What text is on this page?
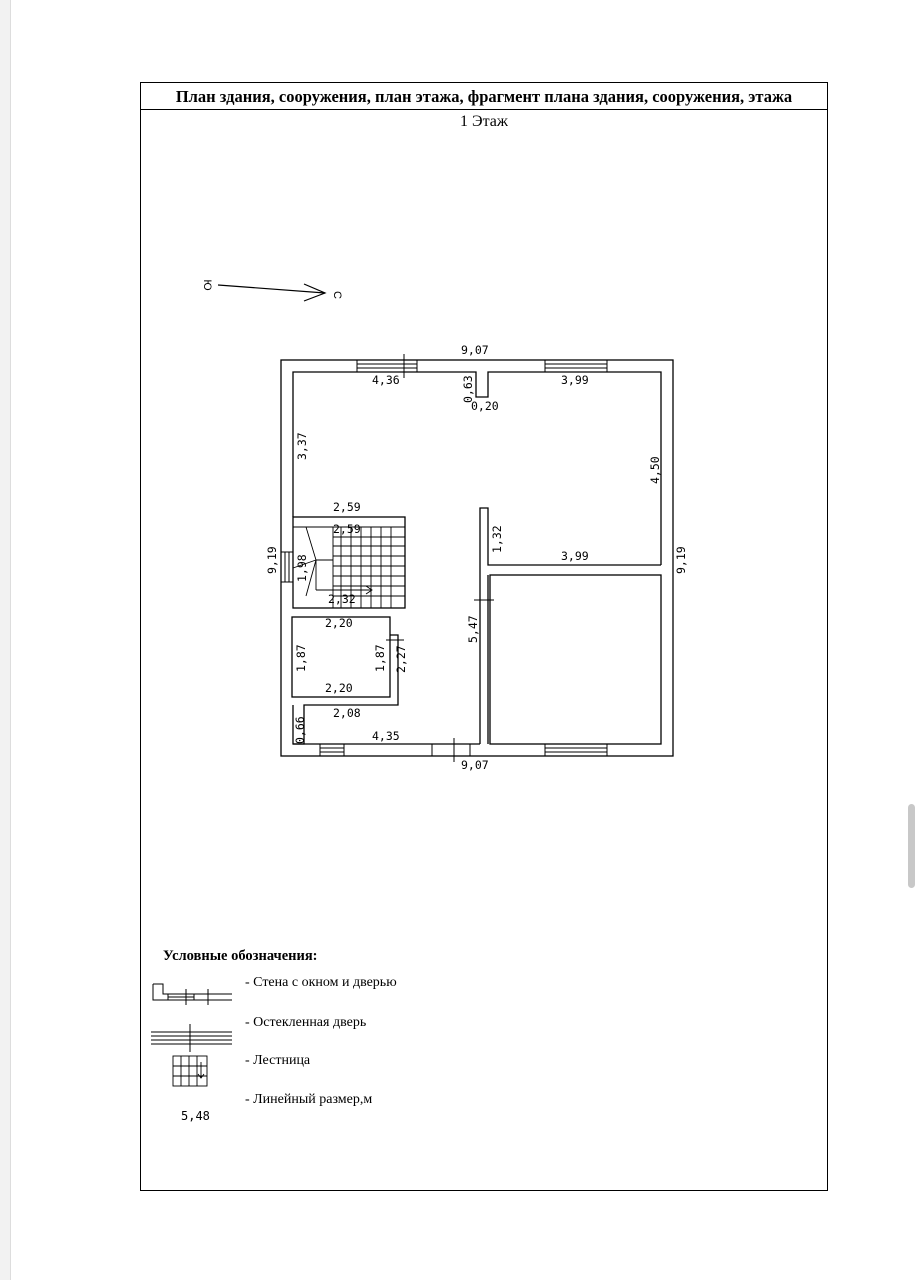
План здания, сооружения, план этажа, фрагмент плана здания, сооружения, этажа
1 Этаж
Ю
С
9,07
9,07
9,19	9,19
4,36	3,99
0,63
0,20
3,37
4,50
2,59
2,59
1,98
2,32
1,32
3,99
5,47
2,20
2,20
1,87	1,87 2,27
2,08
0,66	4,35
Условные обозначения:
- Стена с окном и дверью
- Остекленная дверь
- Лестница
- Линейный размер,м
5,48
